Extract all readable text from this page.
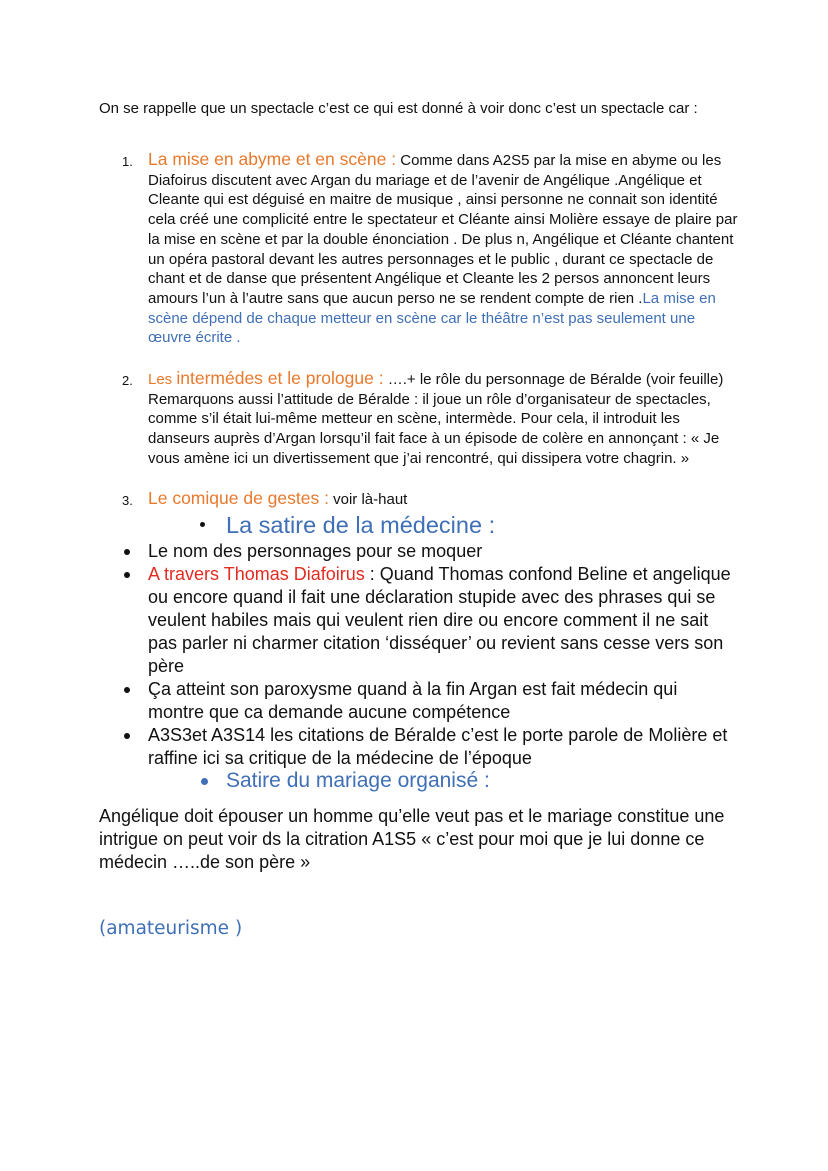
On se rappelle que un spectacle c’est ce qui est donné à voir donc c’est un spectacle car :

1. La mise en abyme et en scène : Comme dans A2S5 par la mise en abyme ou les Diafoirus discutent avec Argan du mariage et de l’avenir de Angélique .Angélique et Cleante qui est déguisé en maitre de musique , ainsi personne ne connait son identité cela créé une complicité entre le spectateur et Cléante ainsi Molière essaye de plaire par la mise en scène et par la double énonciation . De plus n, Angélique et Cléante chantent un opéra pastoral devant les autres personnages et le public , durant ce spectacle de chant et de danse que présentent Angélique et Cleante les 2 persos annoncent leurs amours l’un à l’autre sans que aucun perso ne se rendent compte de rien .La mise en scène dépend de chaque metteur en scène car le théâtre n’est pas seulement une œuvre écrite .
2. Les intermédes et le prologue : ….+ le rôle du personnage de Béralde (voir feuille) Remarquons aussi l’attitude de Béralde : il joue un rôle d’organisateur de spectacles, comme s’il était lui-même metteur en scène, intermède. Pour cela, il introduit les danseurs auprès d’Argan lorsqu’il fait face à un épisode de colère en annonçant : « Je vous amène ici un divertissement que j’ai rencontré, qui dissipera votre chagrin. »
3. Le comique de gestes : voir là-haut
La satire de la médecine :
Le nom des personnages pour se moquer
A travers Thomas Diafoirus : Quand Thomas confond Beline et angelique ou encore quand il fait une déclaration stupide avec des phrases qui se veulent habiles mais qui veulent rien dire ou encore comment il ne sait pas parler ni charmer citation ‘disséquer’ ou revient sans cesse vers son père
Ça atteint son paroxysme quand à la fin Argan est fait médecin qui montre que ca demande aucune compétence
A3S3et A3S14 les citations de Béralde c’est le porte parole de Molière et raffine ici sa critique de la médecine de l’époque
Satire du mariage organisé :

Angélique doit épouser un homme qu’elle veut pas et le mariage constitue une intrigue on peut voir ds la citration A1S5 « c’est pour moi que je lui donne ce médecin …..de son père »

(amateurisme )
